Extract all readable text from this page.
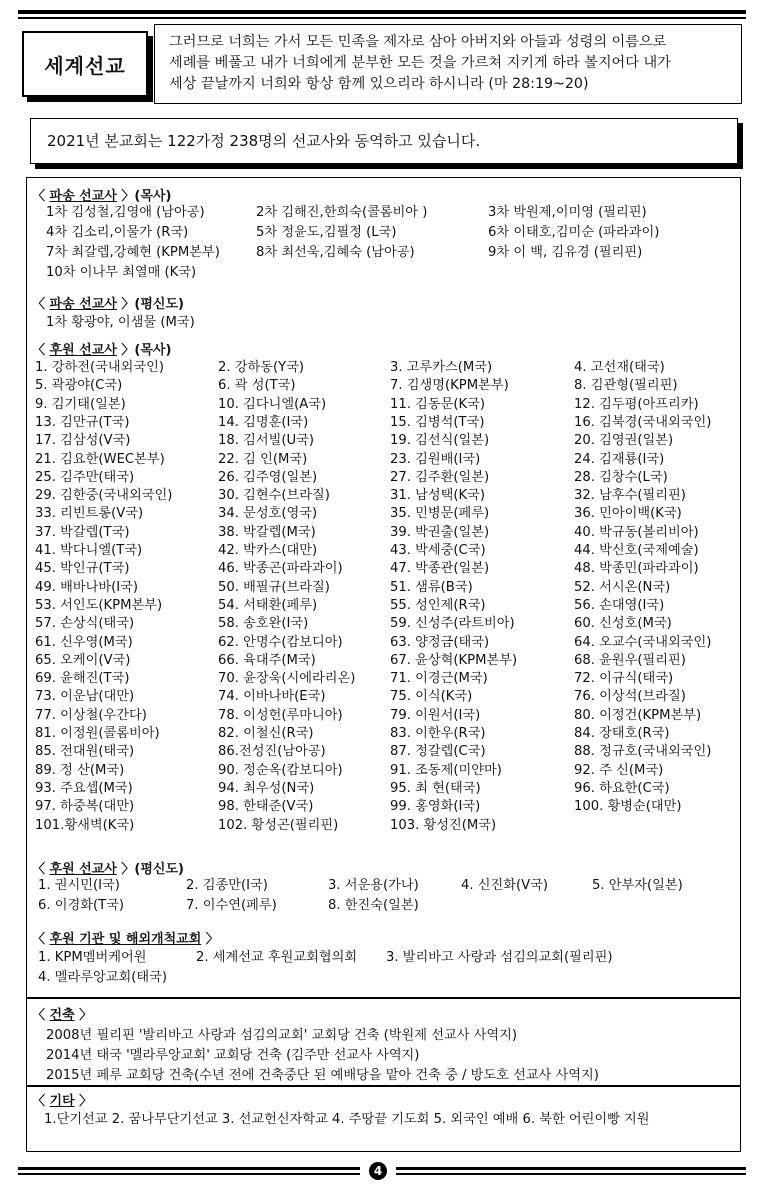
세계선교
그러므로 너희는 가서 모든 민족을 제자로 삼아 아버지와 아들과 성령의 이름으로
세례를 베풀고 내가 너희에게 분부한 모든 것을 가르쳐 지키게 하라 볼지어다 내가
세상 끝날까지 너희와 항상 함께 있으리라 하시니라 (마 28:19~20)
2021년 본교회는 122가정 238명의 선교사와 동역하고 있습니다.
〈 파송 선교사 〉(목사)
1차 김성철,김영애 (남아공)	2차 김해진,한희숙(콜롬비아 )	3차 박원제,이미영 (필리핀)
4차 김소리,이물가 (R국)	5차 정윤도,김필정 (L국)	6차 이태호,김미순 (파라과이)
7차 최갈렙,강혜현 (KPM본부)	8차 최선욱,김혜숙 (남아공)	9차 이 백, 김유경 (필리핀)
10차 이나무 최열매 (K국)
〈 파송 선교사 〉(평신도)
1차 황광야, 이샘물 (M국)
〈 후원 선교사 〉(목사)
1. 강하전(국내외국인)	2. 강하동(Y국)	3. 고루카스(M국)	4. 고선재(태국)
5. 곽광야(C국)	6. 곽 성(T국)	7. 김생명(KPM본부)	8. 김관형(필리핀)
9. 김기태(일본)	10. 김다니엘(A국)	11. 김동문(K국)	12. 김두평(아프리카)
13. 김만규(T국)	14. 김명훈(I국)	15. 김병석(T국)	16. 김북경(국내외국인)
17. 김삼성(V국)	18. 김서빌(U국)	19. 김선식(일본)	20. 김영권(일본)
21. 김요한(WEC본부)	22. 김 인(M국)	23. 김원배(I국)	24. 김재룡(I국)
25. 김주만(태국)	26. 김주영(일본)	27. 김주환(일본)	28. 김창수(L국)
29. 김한중(국내외국인)	30. 김현수(브라질)	31. 남성택(K국)	32. 남후수(필리핀)
33. 리빈트롱(V국)	34. 문성호(영국)	35. 민병문(페루)	36. 민아이백(K국)
37. 박갈렙(T국)	38. 박갈렙(M국)	39. 박권출(일본)	40. 박규동(볼리비아)
41. 박다니엘(T국)	42. 박카스(대만)	43. 박세중(C국)	44. 박신호(국제예술)
45. 박인규(T국)	46. 박종곤(파라과이)	47. 박종관(일본)	48. 박종민(파라과이)
49. 배바나바(I국)	50. 배필규(브라질)	51. 샘류(B국)	52. 서시온(N국)
53. 서인도(KPM본부)	54. 서태환(페루)	55. 성인제(R국)	56. 손대영(I국)
57. 손상식(태국)	58. 송호완(I국)	59. 신성주(라트비아)	60. 신성호(M국)
61. 신우영(M국)	62. 안명수(캄보디아)	63. 양정금(태국)	64. 오교수(국내외국인)
65. 오케이(V국)	66. 육대주(M국)	67. 윤상혁(KPM본부)	68. 윤원우(필리핀)
69. 윤해진(T국)	70. 윤장욱(시에라리온)	71. 이경근(M국)	72. 이규식(태국)
73. 이운남(대만)	74. 이바나바(E국)	75. 이식(K국)	76. 이상석(브라질)
77. 이상철(우간다)	78. 이성헌(루마니아)	79. 이원서(I국)	80. 이정건(KPM본부)
81. 이정원(콜롬비아)	82. 이철신(R국)	83. 이한우(R국)	84. 장태호(R국)
85. 전대원(태국)	86.전성진(남아공)	87. 정갈렙(C국)	88. 정규호(국내외국인)
89. 정 산(M국)	90. 정순옥(캄보디아)	91. 조동제(미얀마)	92. 주 신(M국)
93. 주요셉(M국)	94. 최우성(N국)	95. 최 현(태국)	96. 하요한(C국)
97. 하중복(대만)	98. 한태준(V국)	99. 홍영화(I국)	100. 황병순(대만)
101.황새벽(K국)	102. 황성곤(필리핀)	103. 황성진(M국)
〈 후원 선교사 〉(평신도)
1. 권시민(I국)	2. 김종만(I국)	3. 서운용(가나)	4. 신진화(V국)	5. 안부자(일본)
6. 이경화(T국)	7. 이수연(페루)	8. 한진숙(일본)
〈 후원 기관 및 해외개척교회 〉
1. KPM멤버케어원	2. 세계선교 후원교회협의회 3. 발리바고 사랑과 섬김의교회(필리핀)
4. 멜라루앙교회(태국)
〈 건축 〉
2008년 필리핀 '발리바고 사랑과 섬김의교회' 교회당 건축 (박원제 선교사 사역지)
2014년 태국 '멜라루앙교회' 교회당 건축 (김주만 선교사 사역지)
2015년 페루 교회당 건축(수년 전에 건축중단 된 예배당을 맡아 건축 중 / 방도호 선교사 사역지)
〈 기타 〉
1.단기선교 2. 꿈나무단기선교 3. 선교헌신자학교 4. 주땅끝 기도회 5. 외국인 예배 6. 북한 어린이빵 지원
4
